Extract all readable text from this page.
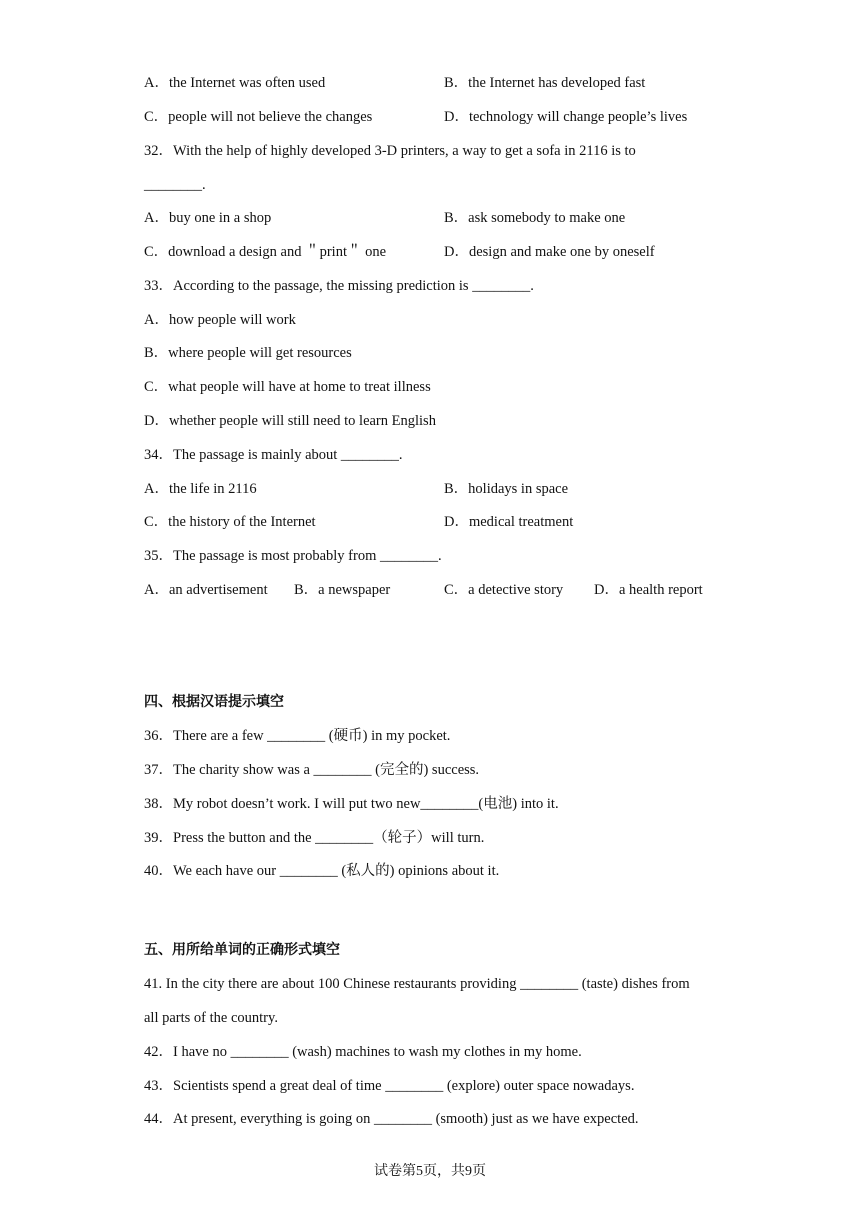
A．the Internet was often used	B．the Internet has developed fast
C．people will not believe the changes	D．technology will change people’s lives
32．With the help of highly developed 3-D printers, a way to get a sofa in 2116 is to
________.
A．buy one in a shop	B．ask somebody to make one
C．download a design and ＂print＂ one	D．design and make one by oneself
33．According to the passage, the missing prediction is ________.
A．how people will work
B．where people will get resources
C．what people will have at home to treat illness
D．whether people will still need to learn English
34．The passage is mainly about ________.
A．the life in 2116	B．holidays in space
C．the history of the Internet	D．medical treatment
35．The passage is most probably from ________.
A．an advertisement B．a newspaper	C．a detective story D．a health report
四、根据汉语提示填空
36．There are a few ________ (硬币) in my pocket.
37．The charity show was a ________ (完全的) success.
38．My robot doesn’t work. I will put two new________(电池) into it.
39．Press the button and the ________（轮子）will turn.
40．We each have our ________ (私人的) opinions about it.
五、用所给单词的正确形式填空
41. In the city there are about 100 Chinese restaurants providing ________ (taste) dishes from
all parts of the country.
42．I have no ________ (wash) machines to wash my clothes in my home.
43．Scientists spend a great deal of time ________ (explore) outer space nowadays.
44．At present, everything is going on ________ (smooth) just as we have expected.
试卷第5页，共9页
